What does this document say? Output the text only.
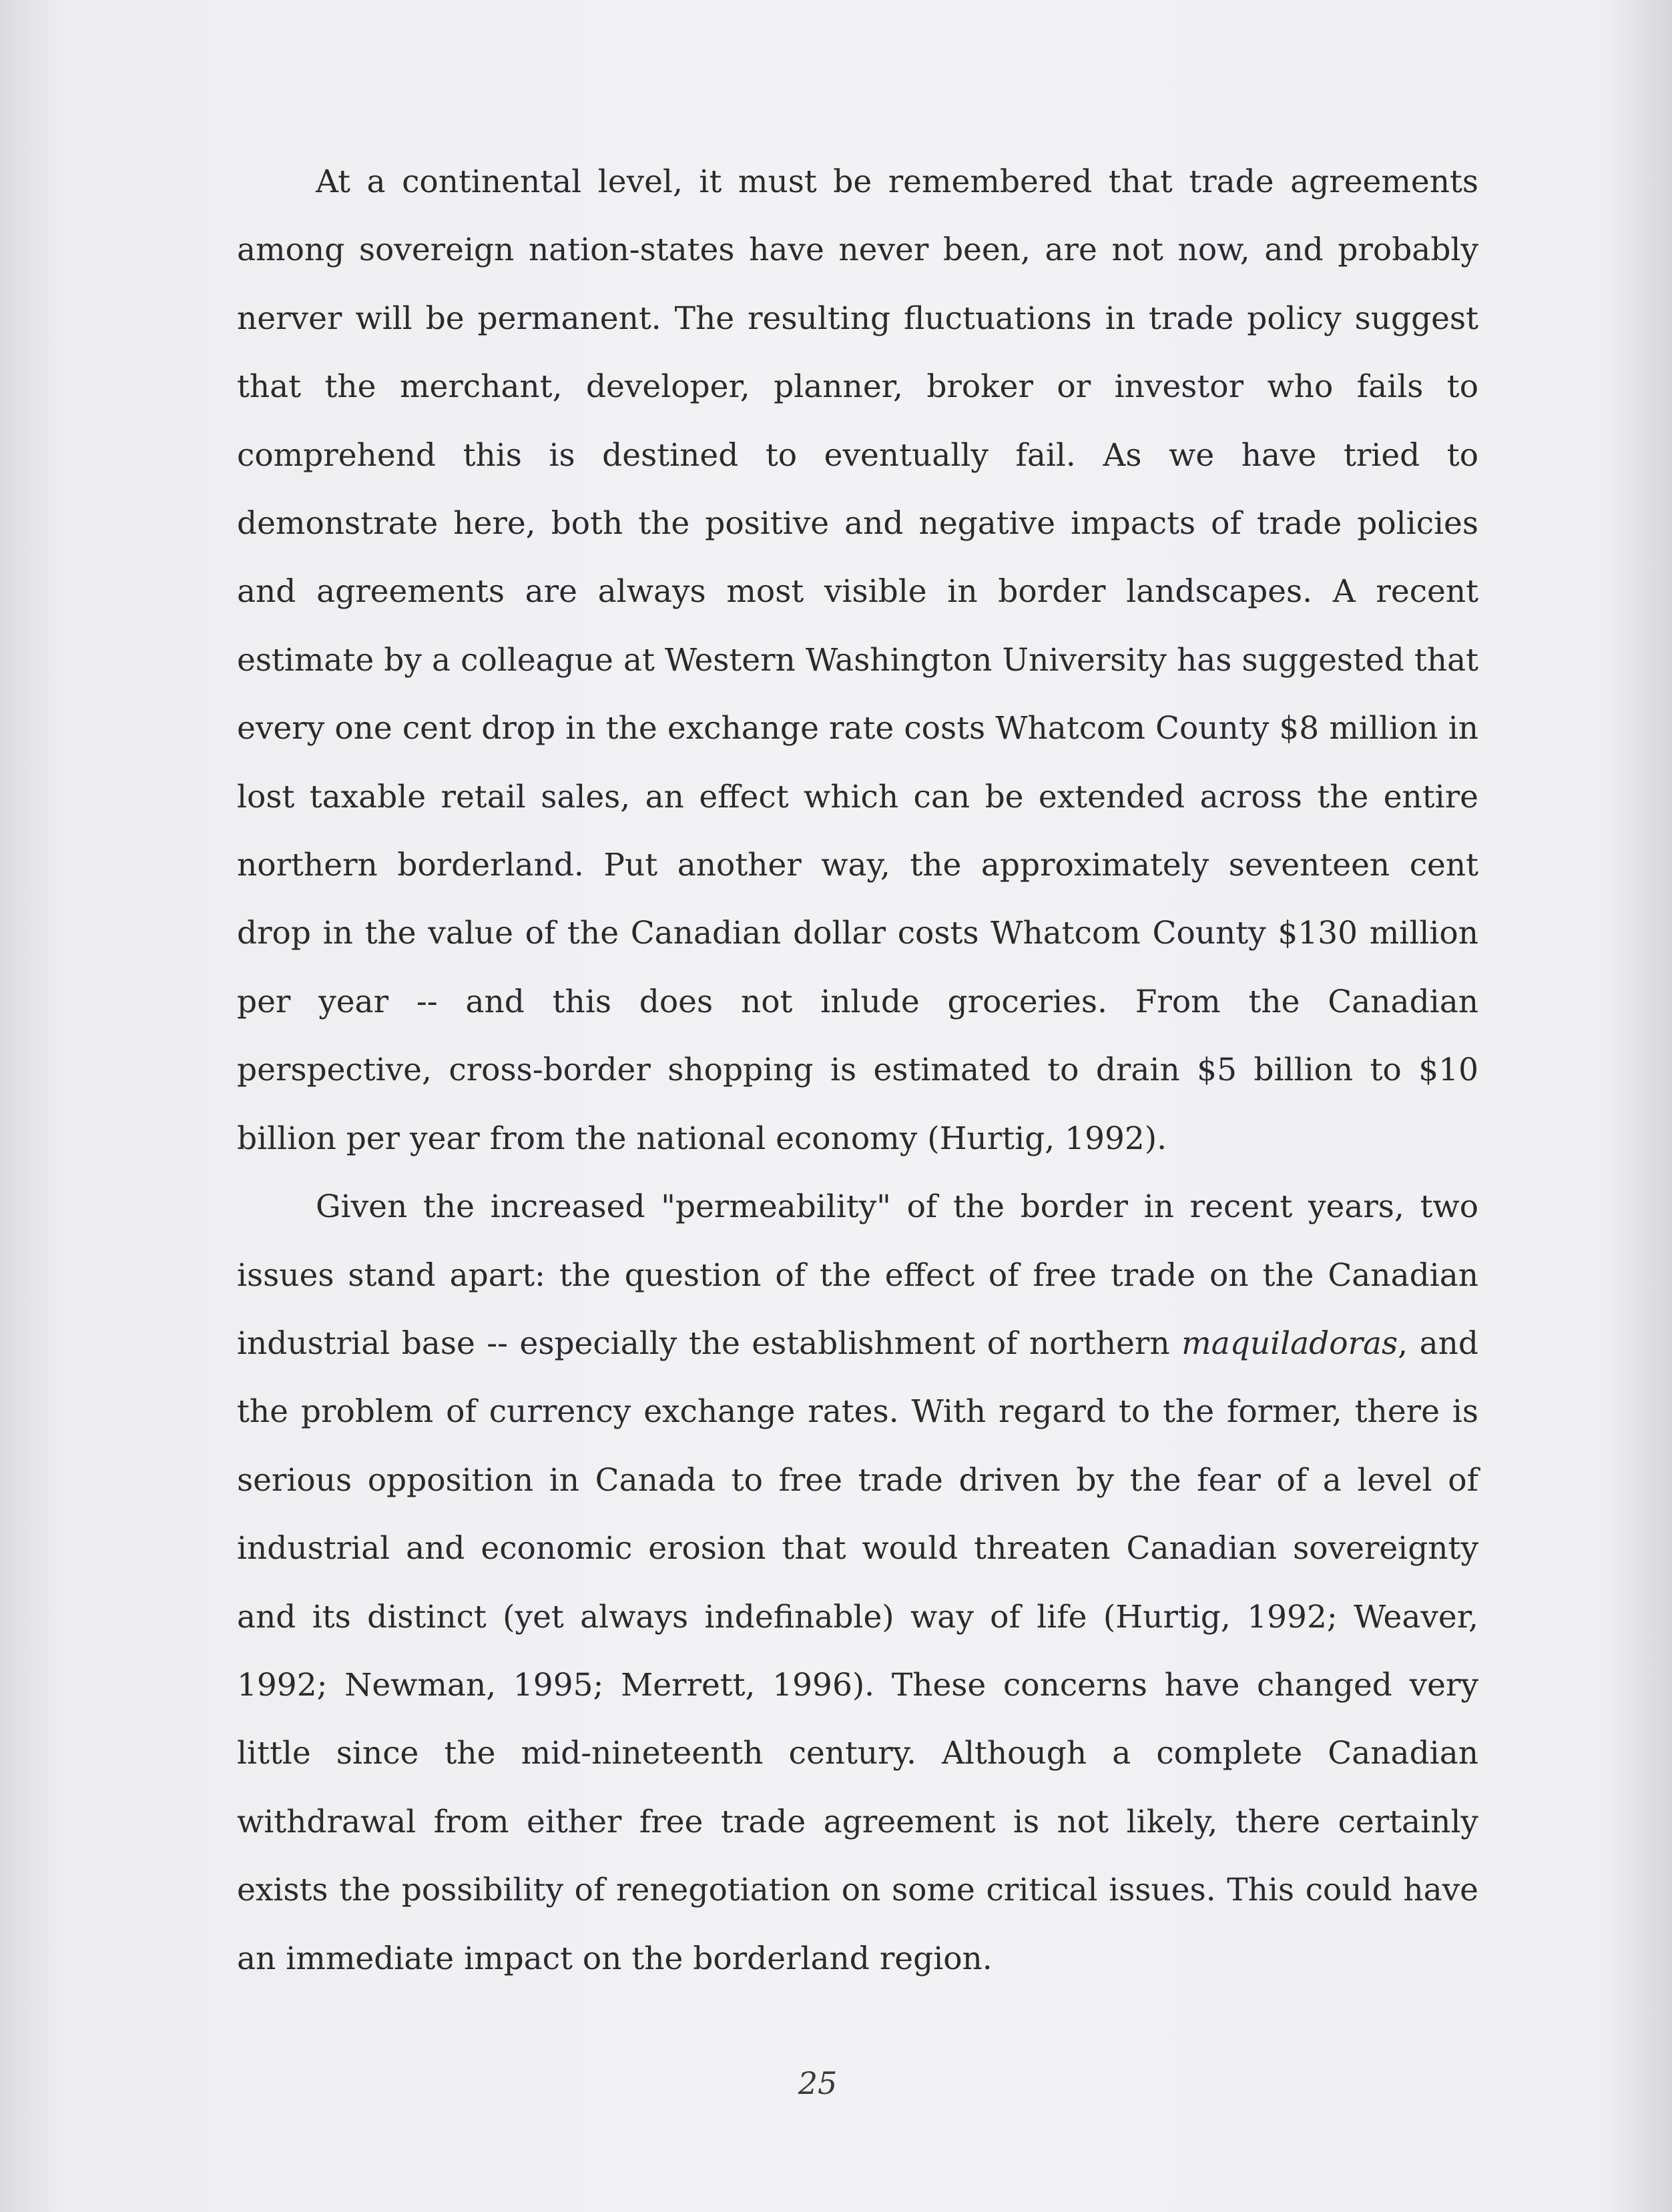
At a continental level, it must be remembered that trade agreements among sovereign nation-states have never been, are not now, and probably nerver will be permanent. The resulting fluctuations in trade policy suggest that the merchant, developer, planner, broker or investor who fails to comprehend this is destined to eventually fail. As we have tried to demonstrate here, both the positive and negative impacts of trade policies and agreements are always most visible in border landscapes. A recent estimate by a colleague at Western Washington University has suggested that every one cent drop in the exchange rate costs Whatcom County $8 million in lost taxable retail sales, an effect which can be extended across the entire northern borderland. Put another way, the approximately seventeen cent drop in the value of the Canadian dollar costs Whatcom County $130 million per year -- and this does not inlude groceries. From the Canadian perspective, cross-border shopping is estimated to drain $5 billion to $10 billion per year from the national economy (Hurtig, 1992).

Given the increased "permeability" of the border in recent years, two issues stand apart: the question of the effect of free trade on the Canadian industrial base -- especially the establishment of northern maquiladoras, and the problem of currency exchange rates. With regard to the former, there is serious opposition in Canada to free trade driven by the fear of a level of industrial and economic erosion that would threaten Canadian sovereignty and its distinct (yet always indefinable) way of life (Hurtig, 1992; Weaver, 1992; Newman, 1995; Merrett, 1996). These concerns have changed very little since the mid-nineteenth century. Although a complete Canadian withdrawal from either free trade agreement is not likely, there certainly exists the possibility of renegotiation on some critical issues. This could have an immediate impact on the borderland region.

25
